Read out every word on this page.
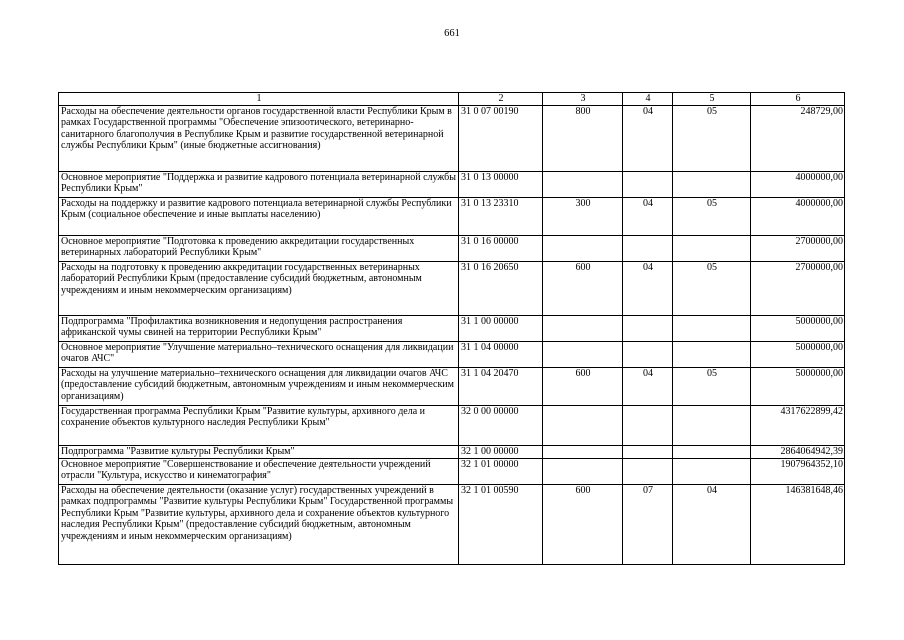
661
1	2	3	4	5	6
Расходы на обеспечение деятельности органов государственной власти Республики Крым в рамках Государственной программы "Обеспечение эпизоотического, ветеринарно-санитарного благополучия в Республике Крым и развитие государственной ветеринарной службы Республики Крым" (иные бюджетные ассигнования)	31 0 07 00190	800	04	05	248729,00
Основное мероприятие "Поддержка и развитие кадрового потенциала ветеринарной службы Республики Крым"	31 0 13 00000				4000000,00
Расходы на поддержку и развитие кадрового потенциала ветеринарной службы Республики Крым (социальное обеспечение и иные выплаты населению)	31 0 13 23310	300	04	05	4000000,00
Основное мероприятие "Подготовка к проведению аккредитации государственных ветеринарных лабораторий Республики Крым"	31 0 16 00000				2700000,00
Расходы на подготовку к проведению аккредитации государственных ветеринарных лабораторий Республики Крым (предоставление субсидий бюджетным, автономным учреждениям и иным некоммерческим организациям)	31 0 16 20650	600	04	05	2700000,00
Подпрограмма "Профилактика возникновения и недопущения распространения африканской чумы свиней на территории Республики Крым"	31 1 00 00000				5000000,00
Основное мероприятие "Улучшение материально–технического оснащения для ликвидации очагов АЧС"	31 1 04 00000				5000000,00
Расходы на улучшение материально–технического оснащения для ликвидации очагов АЧС (предоставление субсидий бюджетным, автономным учреждениям и иным некоммерческим организациям)	31 1 04 20470	600	04	05	5000000,00
Государственная программа Республики Крым "Развитие культуры, архивного дела и сохранение объектов культурного наследия Республики Крым"	32 0 00 00000				4317622899,42
Подпрограмма "Развитие культуры Республики Крым"	32 1 00 00000				2864064942,39
Основное мероприятие "Совершенствование и обеспечение деятельности учреждений отрасли "Культура, искусство и кинематография"	32 1 01 00000				1907964352,10
Расходы на обеспечение деятельности (оказание услуг) государственных учреждений в рамках подпрограммы "Развитие культуры Республики Крым" Государственной программы Республики Крым "Развитие культуры, архивного дела и сохранение объектов культурного наследия Республики Крым" (предоставление субсидий бюджетным, автономным учреждениям и иным некоммерческим организациям)	32 1 01 00590	600	07	04	146381648,46
